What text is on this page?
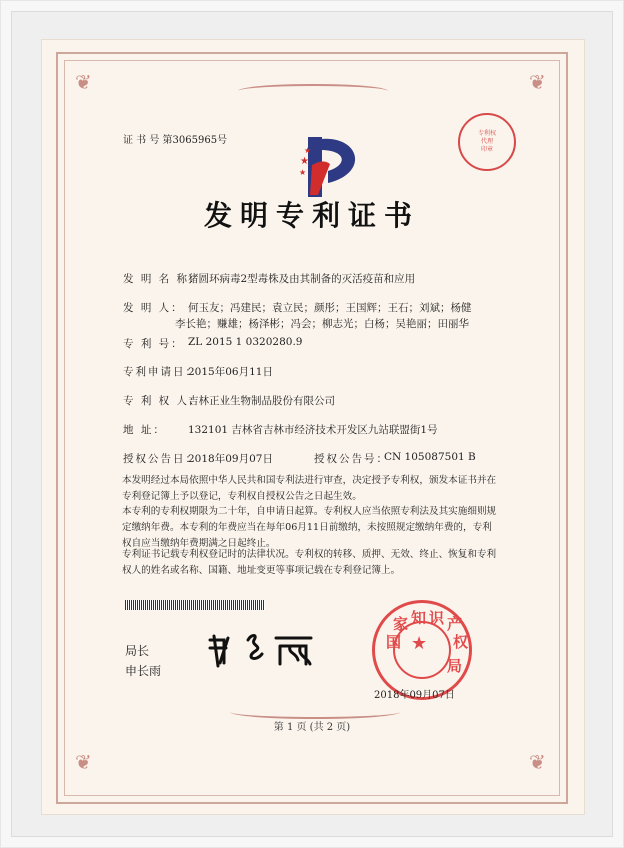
❦	❦
❦	❦
证 书 号 第3065965号
★
★
★
专利权
代理
印章
发明专利证书
发 明 名 称：
猪圆环病毒2型毒株及由其制备的灭活疫苗和应用
发 明 人： 何玉友；冯建民；袁立民；颜彤；王国辉；王石；刘斌；杨健
李长艳；赚雄；杨泽彬；冯会；柳志光；白杨；吴艳丽；田丽华
专 利 号： ZL 2015 1 0320280.9
专利申请日：
2015年06月11日
专 利 权 人：
吉林正业生物制品股份有限公司
地 址： 132101 吉林省吉林市经济技术开发区九站联盟街1号
授权公告日：
2018年09月07日	授权公告号：
CN 105087501 B
本发明经过本局依照中华人民共和国专利法进行审查，决定授予专利权，颁发本证书并在专利登记簿上予以登记，专利权自授权公告之日起生效。
本专利的专利权期限为二十年，自申请日起算。专利权人应当依照专利法及其实施细则规定缴纳年费。本专利的年费应当在每年06月11日前缴纳，未按照规定缴纳年费的，专利权自应当缴纳年费期满之日起终止。
专利证书记载专利权登记时的法律状况。专利权的转移、质押、无效、终止、恢复和专利权人的姓名或名称、国籍、地址变更等事项记载在专利登记簿上。
局长
申长雨
国
家 知 识 产
权
局
★
2018年09月07日
第 1 页 (共 2 页)
